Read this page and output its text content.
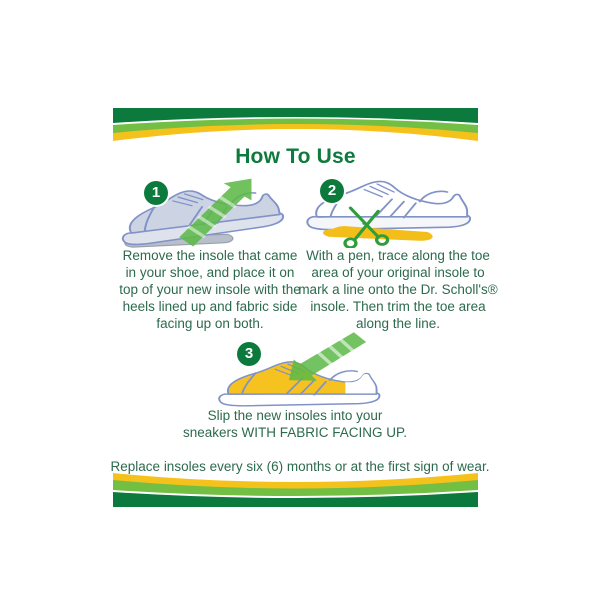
How To Use
1	2
3
Remove the insole that came
in your shoe, and place it on
top of your new insole with the
heels lined up and fabric side
facing up on both.
With a pen, trace along the toe
area of your original insole to
mark a line onto the Dr. Scholl's®
insole. Then trim the toe area
along the line.
Slip the new insoles into your
sneakers WITH FABRIC FACING UP.
Replace insoles every six (6) months or at the first sign of wear.
